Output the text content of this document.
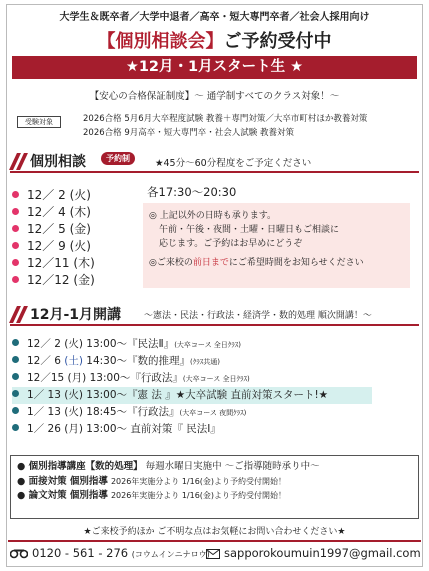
大学生＆既卒者／大学中退者／高卒・短大専門卒者／社会人採用向け
【個別相談会】ご予約受付中
★12月・1月スタート生 ★
【安心の合格保証制度】～ 通学制すべてのクラス対象！～
受験対象	2026合格 5月6月大卒程度試験 教養＋専門対策／大卒市町村ほか教養対策
2026合格 9月高卒・短大専門卒・社会人試験 教養対策
個別相談	予約制	★45分～60分程度をご予定ください
12／ 2 (火)
12／ 4 (木)
12／ 5 (金)
12／ 9 (火)
12／11 (木)
12／12 (金)
各17:30～20:30
◎ 上記以外の日時も承ります。
午前・午後・夜間・土曜・日曜日もご相談に
応じます。ご予約はお早めにどうぞ
◎ご来校の前日までにご希望時間をお知らせください
12月-1月開講	～憲法・民法・行政法・経済学・数的処理 順次開講！～
12／ 2 (火) 13:00～『民法Ⅱ』(大卒コース 全日ｸﾗｽ)
12／ 6 (土) 14:30～『数的推理』(ｸﾗｽ共通)
12／15 (月) 13:00～『行政法』(大卒コース 全日ｸﾗｽ)
1／ 13 (火) 13:00～『憲 法 』★大卒試験 直前対策スタート!★
1／ 13 (火) 18:45～『行政法』(大卒コース 夜間ｸﾗｽ)
1／ 26 (月) 13:00～ 直前対策『 民法Ⅰ』
● 個別指導講座【数的処理】 毎週水曜日実施中 ～ご指導随時承り中～
● 面接対策 個別指導 2026年実施分より 1/16(金)より予約受付開始！
● 論文対策 個別指導 2026年実施分より 1/16(金)より予約受付開始！
★ご来校予約ほか ご不明な点はお気軽にお問い合わせください★
0120 - 561 - 276 (コウムインニナロウ)	sapporokoumuin1997@gmail.com
